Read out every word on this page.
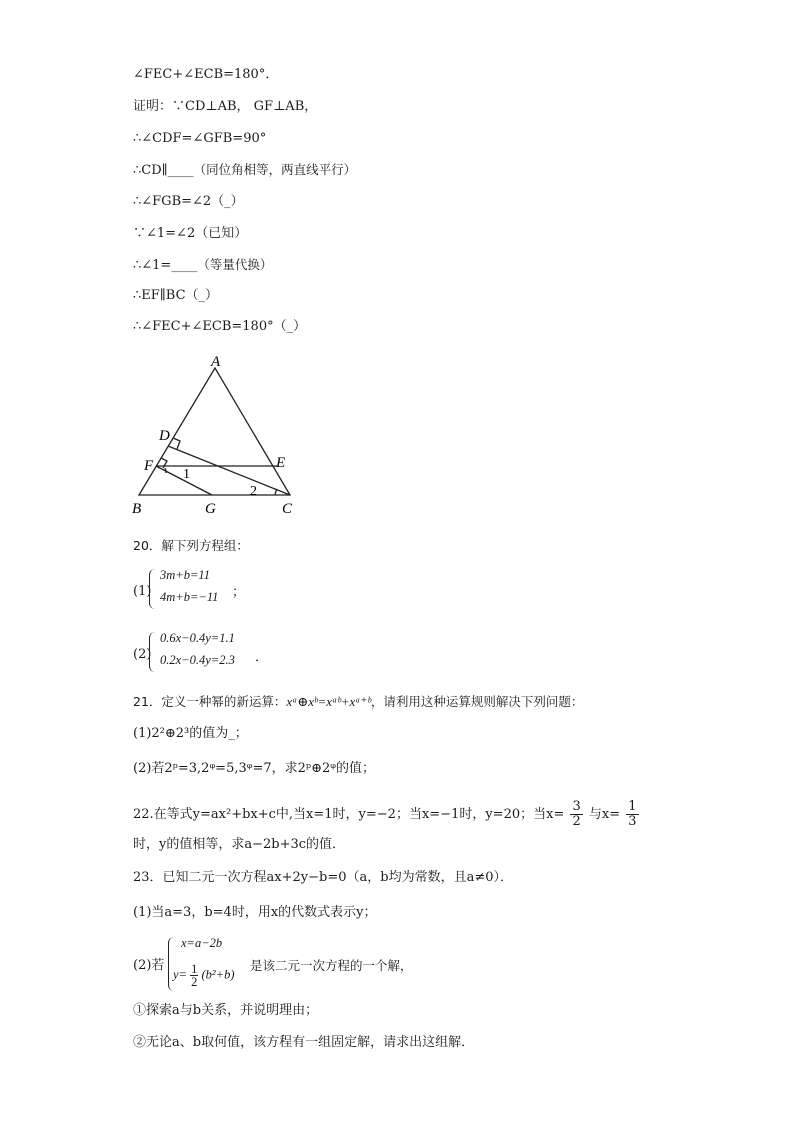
∠FEC+∠ECB=180°．
证明：∵CD⊥AB， GF⊥AB，
∴∠CDF=∠GFB=90°
∴CD∥____（同位角相等，两直线平行）
∴∠FGB=∠2（_）
∵∠1=∠2（已知）
∴∠1=____（等量代换）
∴EF∥BC（_）
∴∠FEC+∠ECB=180°（_）
A
D
F	E
B	G	C
1
2
20．解下列方程组：
(1)
3m+b=11
4m+b=−11 ；
(2)
0.6x−0.4y=1.1
0.2x−0.4y=2.3 ．
21．定义一种幂的新运算：xᵃ⊕xᵇ=xᵃᵇ+xᵃ⁺ᵇ，请利用这种运算规则解决下列问题：
(1)2²⊕2³的值为_；
(2)若2ᵖ=3,2ᵠ=5,3ᵠ=7，求2ᵖ⊕2ᵠ的值；
22.在等式y=ax²+bx+c中,当x=1时，y=−2；当x=−1时，y=20；当$x= \frac{3}{2}$ 与$x= \frac{1}{3}$
时，y的值相等，求a−2b+3c的值．
23．已知二元一次方程ax+2y−b=0（a，b均为常数，且a≠0）．
(1)当a=3，b=4时，用x的代数式表示y；
(2)若
x=a−2b
$y= \frac{1}{2} (b^2+b)$
是该二元一次方程的一个解，
①探索a与b关系，并说明理由；
②无论a、b取何值，该方程有一组固定解，请求出这组解．
